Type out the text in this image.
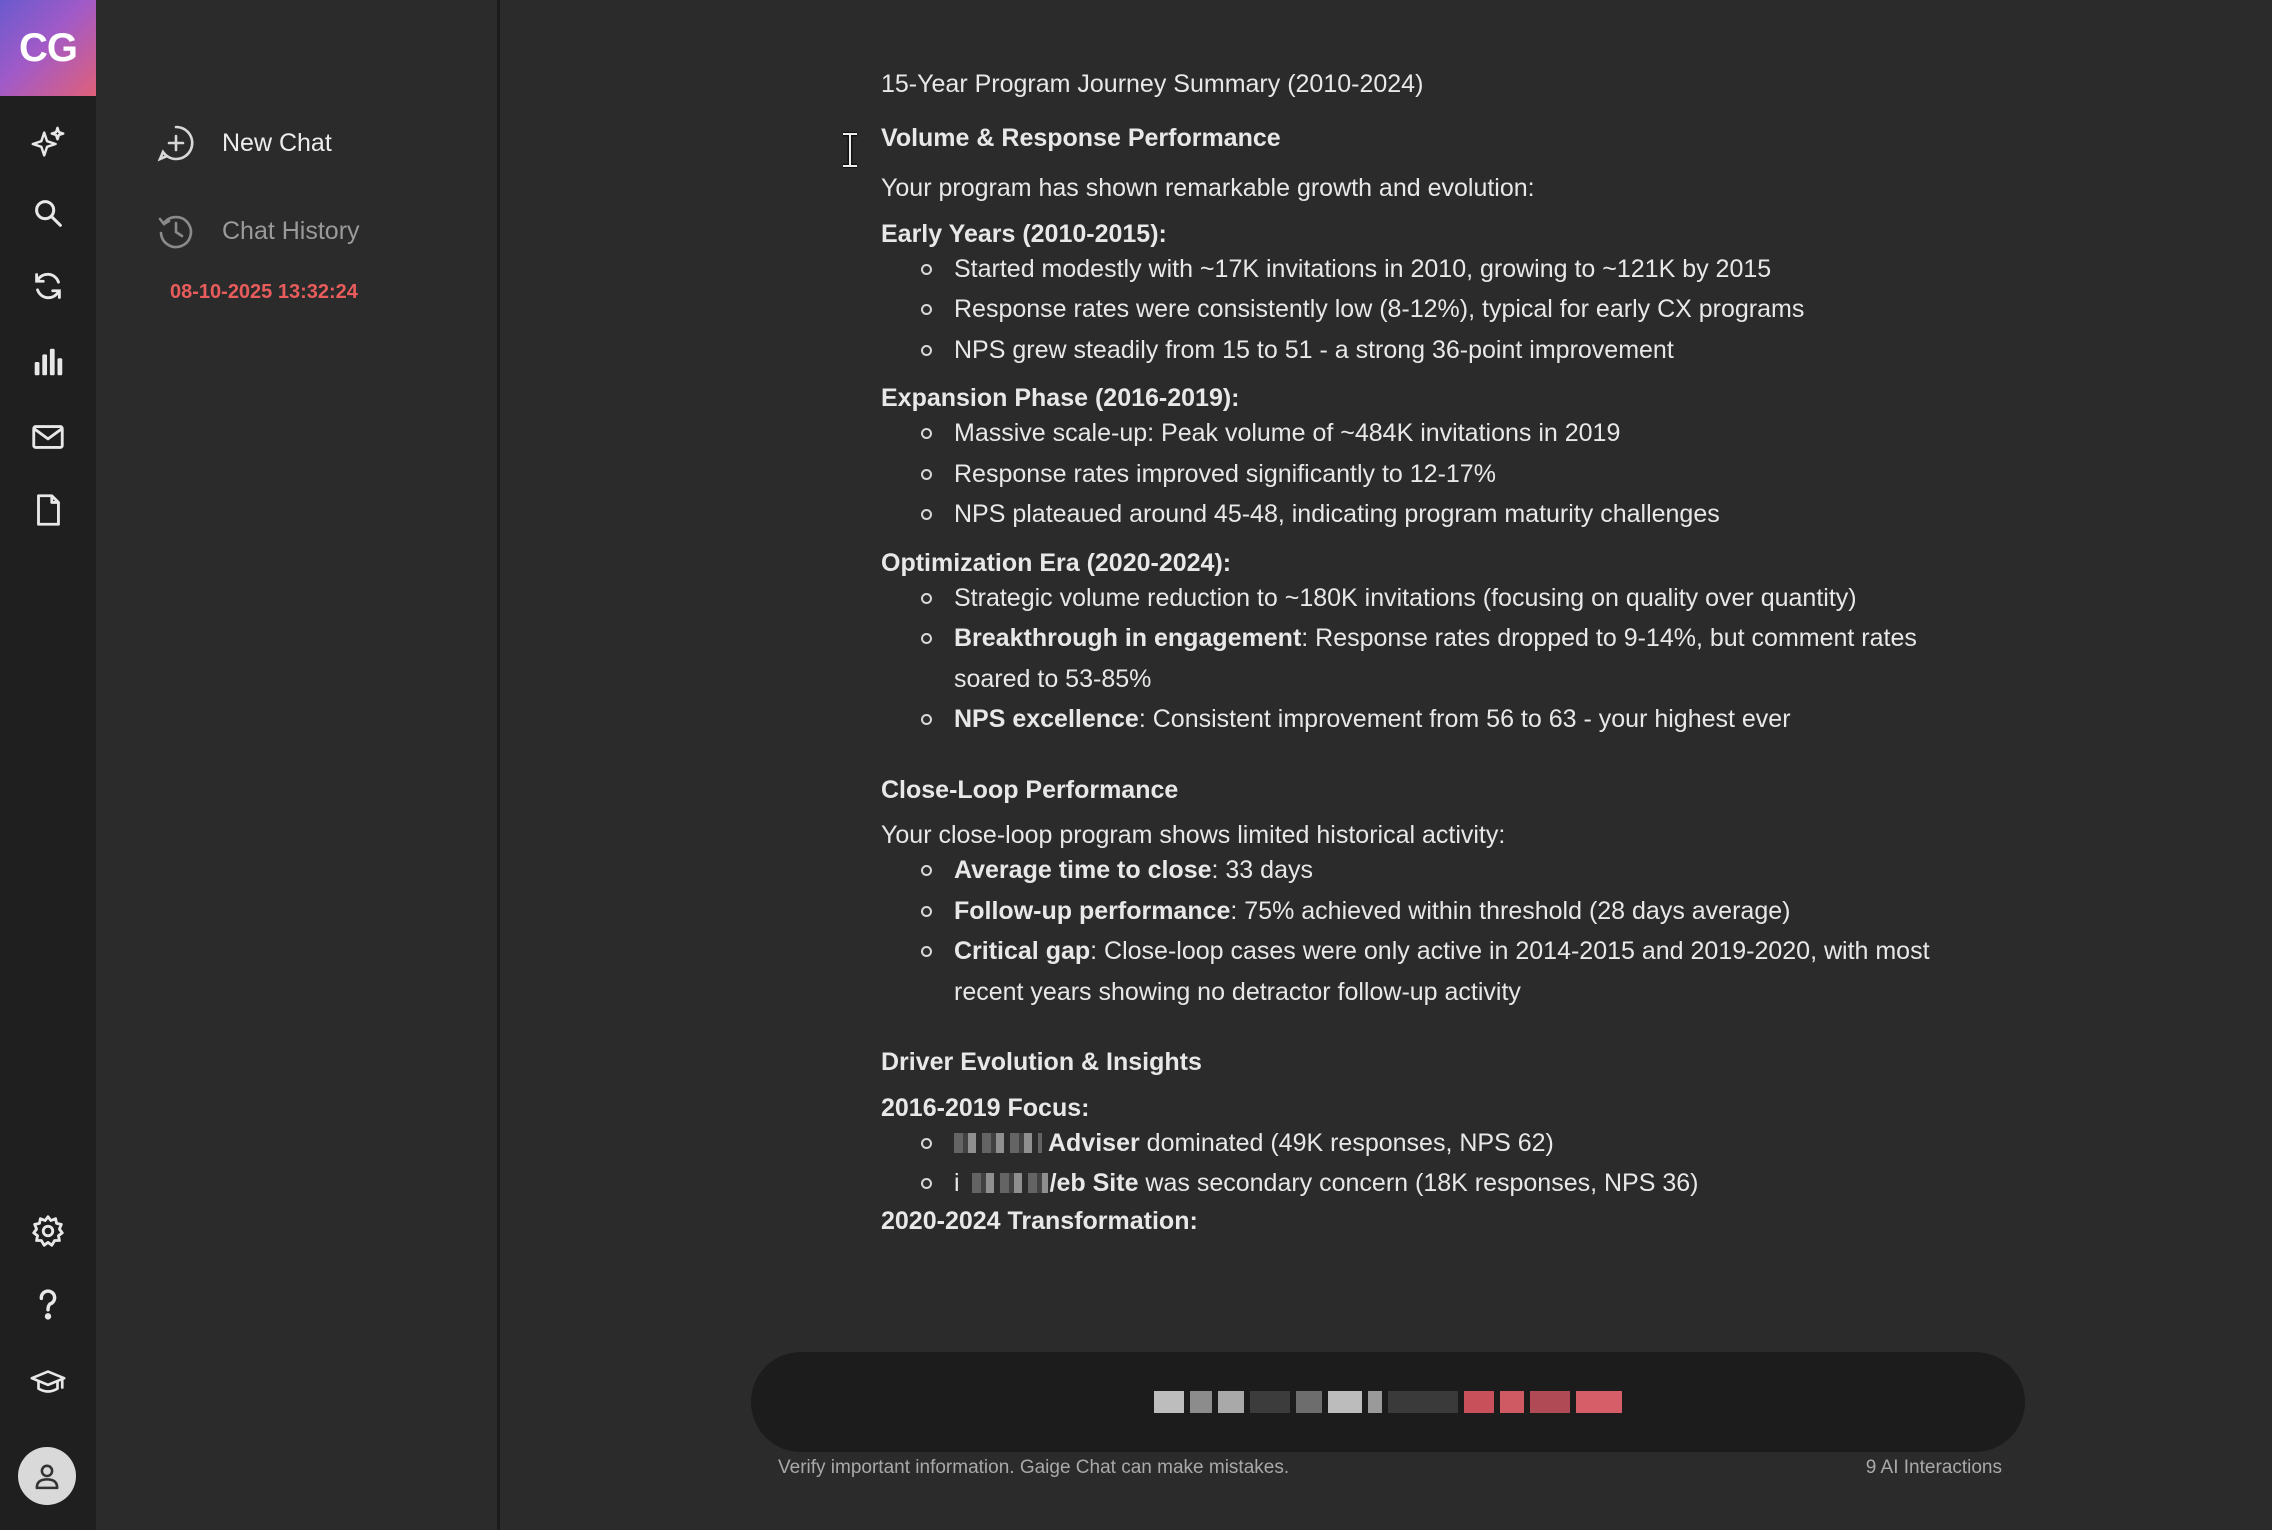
CG
New Chat
Chat History
08-10-2025 13:32:24
15-Year Program Journey Summary (2010-2024)
Volume & Response Performance
Your program has shown remarkable growth and evolution:
Early Years (2010-2015):
Started modestly with ~17K invitations in 2010, growing to ~121K by 2015
Response rates were consistently low (8-12%), typical for early CX programs
NPS grew steadily from 15 to 51 - a strong 36-point improvement
Expansion Phase (2016-2019):
Massive scale-up: Peak volume of ~484K invitations in 2019
Response rates improved significantly to 12-17%
NPS plateaued around 45-48, indicating program maturity challenges
Optimization Era (2020-2024):
Strategic volume reduction to ~180K invitations (focusing on quality over quantity)
Breakthrough in engagement: Response rates dropped to 9-14%, but comment rates soared to 53-85%
NPS excellence: Consistent improvement from 56 to 63 - your highest ever
Close-Loop Performance
Your close-loop program shows limited historical activity:
Average time to close: 33 days
Follow-up performance: 75% achieved within threshold (28 days average)
Critical gap: Close-loop cases were only active in 2014-2015 and 2019-2020, with most recent years showing no detractor follow-up activity
Driver Evolution & Insights
2016-2019 Focus:
Adviser dominated (49K responses, NPS 62)
i	/eb Site was secondary concern (18K responses, NPS 36)
2020-2024 Transformation:
Verify important information. Gaige Chat can make mistakes.	9 AI Interactions
